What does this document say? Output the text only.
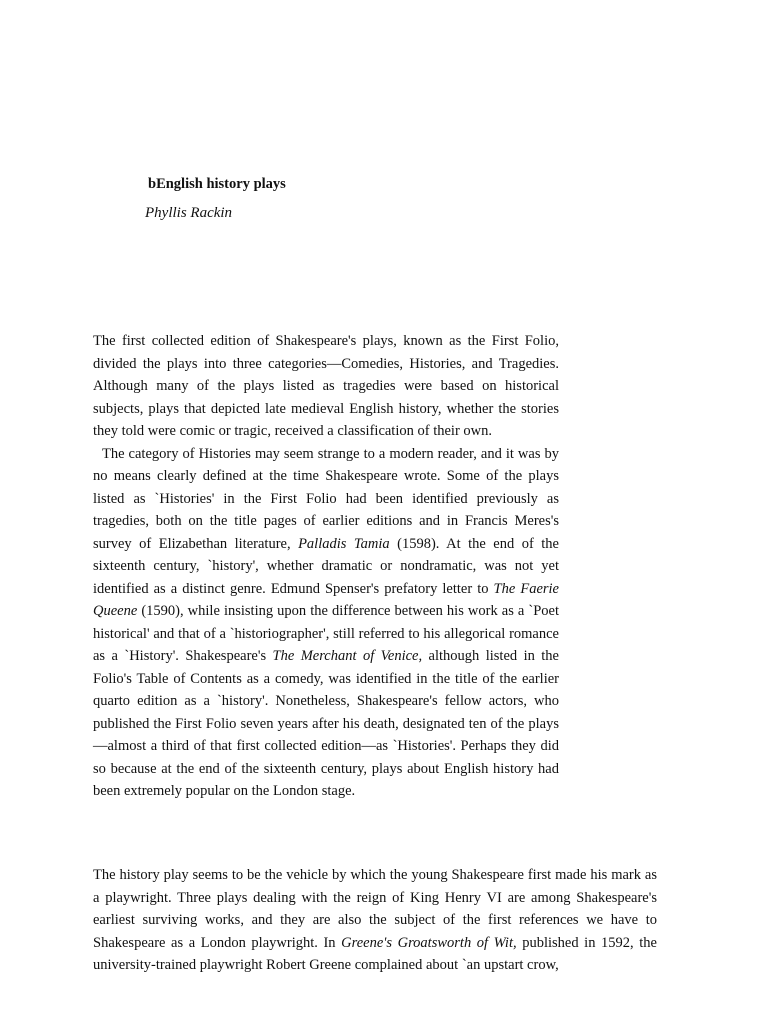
bEnglish history plays

Phyllis Rackin

The first collected edition of Shakespeare's plays, known as the First Folio, divided the plays into three categories—Comedies, Histories, and Tragedies. Although many of the plays listed as tragedies were based on historical subjects, plays that depicted late medieval English history, whether the stories they told were comic or tragic, received a classification of their own.

The category of Histories may seem strange to a modern reader, and it was by no means clearly defined at the time Shakespeare wrote. Some of the plays listed as `Histories' in the First Folio had been identified previously as tragedies, both on the title pages of earlier editions and in Francis Meres's survey of Elizabethan literature, Palladis Tamia (1598). At the end of the sixteenth century, `history', whether dramatic or nondramatic, was not yet identified as a distinct genre. Edmund Spenser's prefatory letter to The Faerie Queene (1590), while insisting upon the difference between his work as a `Poet historical' and that of a `historiographer', still referred to his allegorical romance as a `History'. Shakespeare's The Merchant of Venice, although listed in the Folio's Table of Contents as a comedy, was identified in the title of the earlier quarto edition as a `history'. Nonetheless, Shakespeare's fellow actors, who published the First Folio seven years after his death, designated ten of the plays—almost a third of that first collected edition—as `Histories'. Perhaps they did so because at the end of the sixteenth century, plays about English history had been extremely popular on the London stage.

The history play seems to be the vehicle by which the young Shakespeare first made his mark as a playwright. Three plays dealing with the reign of King Henry VI are among Shakespeare's earliest surviving works, and they are also the subject of the first references we have to Shakespeare as a London playwright. In Greene's Groatsworth of Wit, published in 1592, the university-trained playwright Robert Greene complained about `an upstart crow,
